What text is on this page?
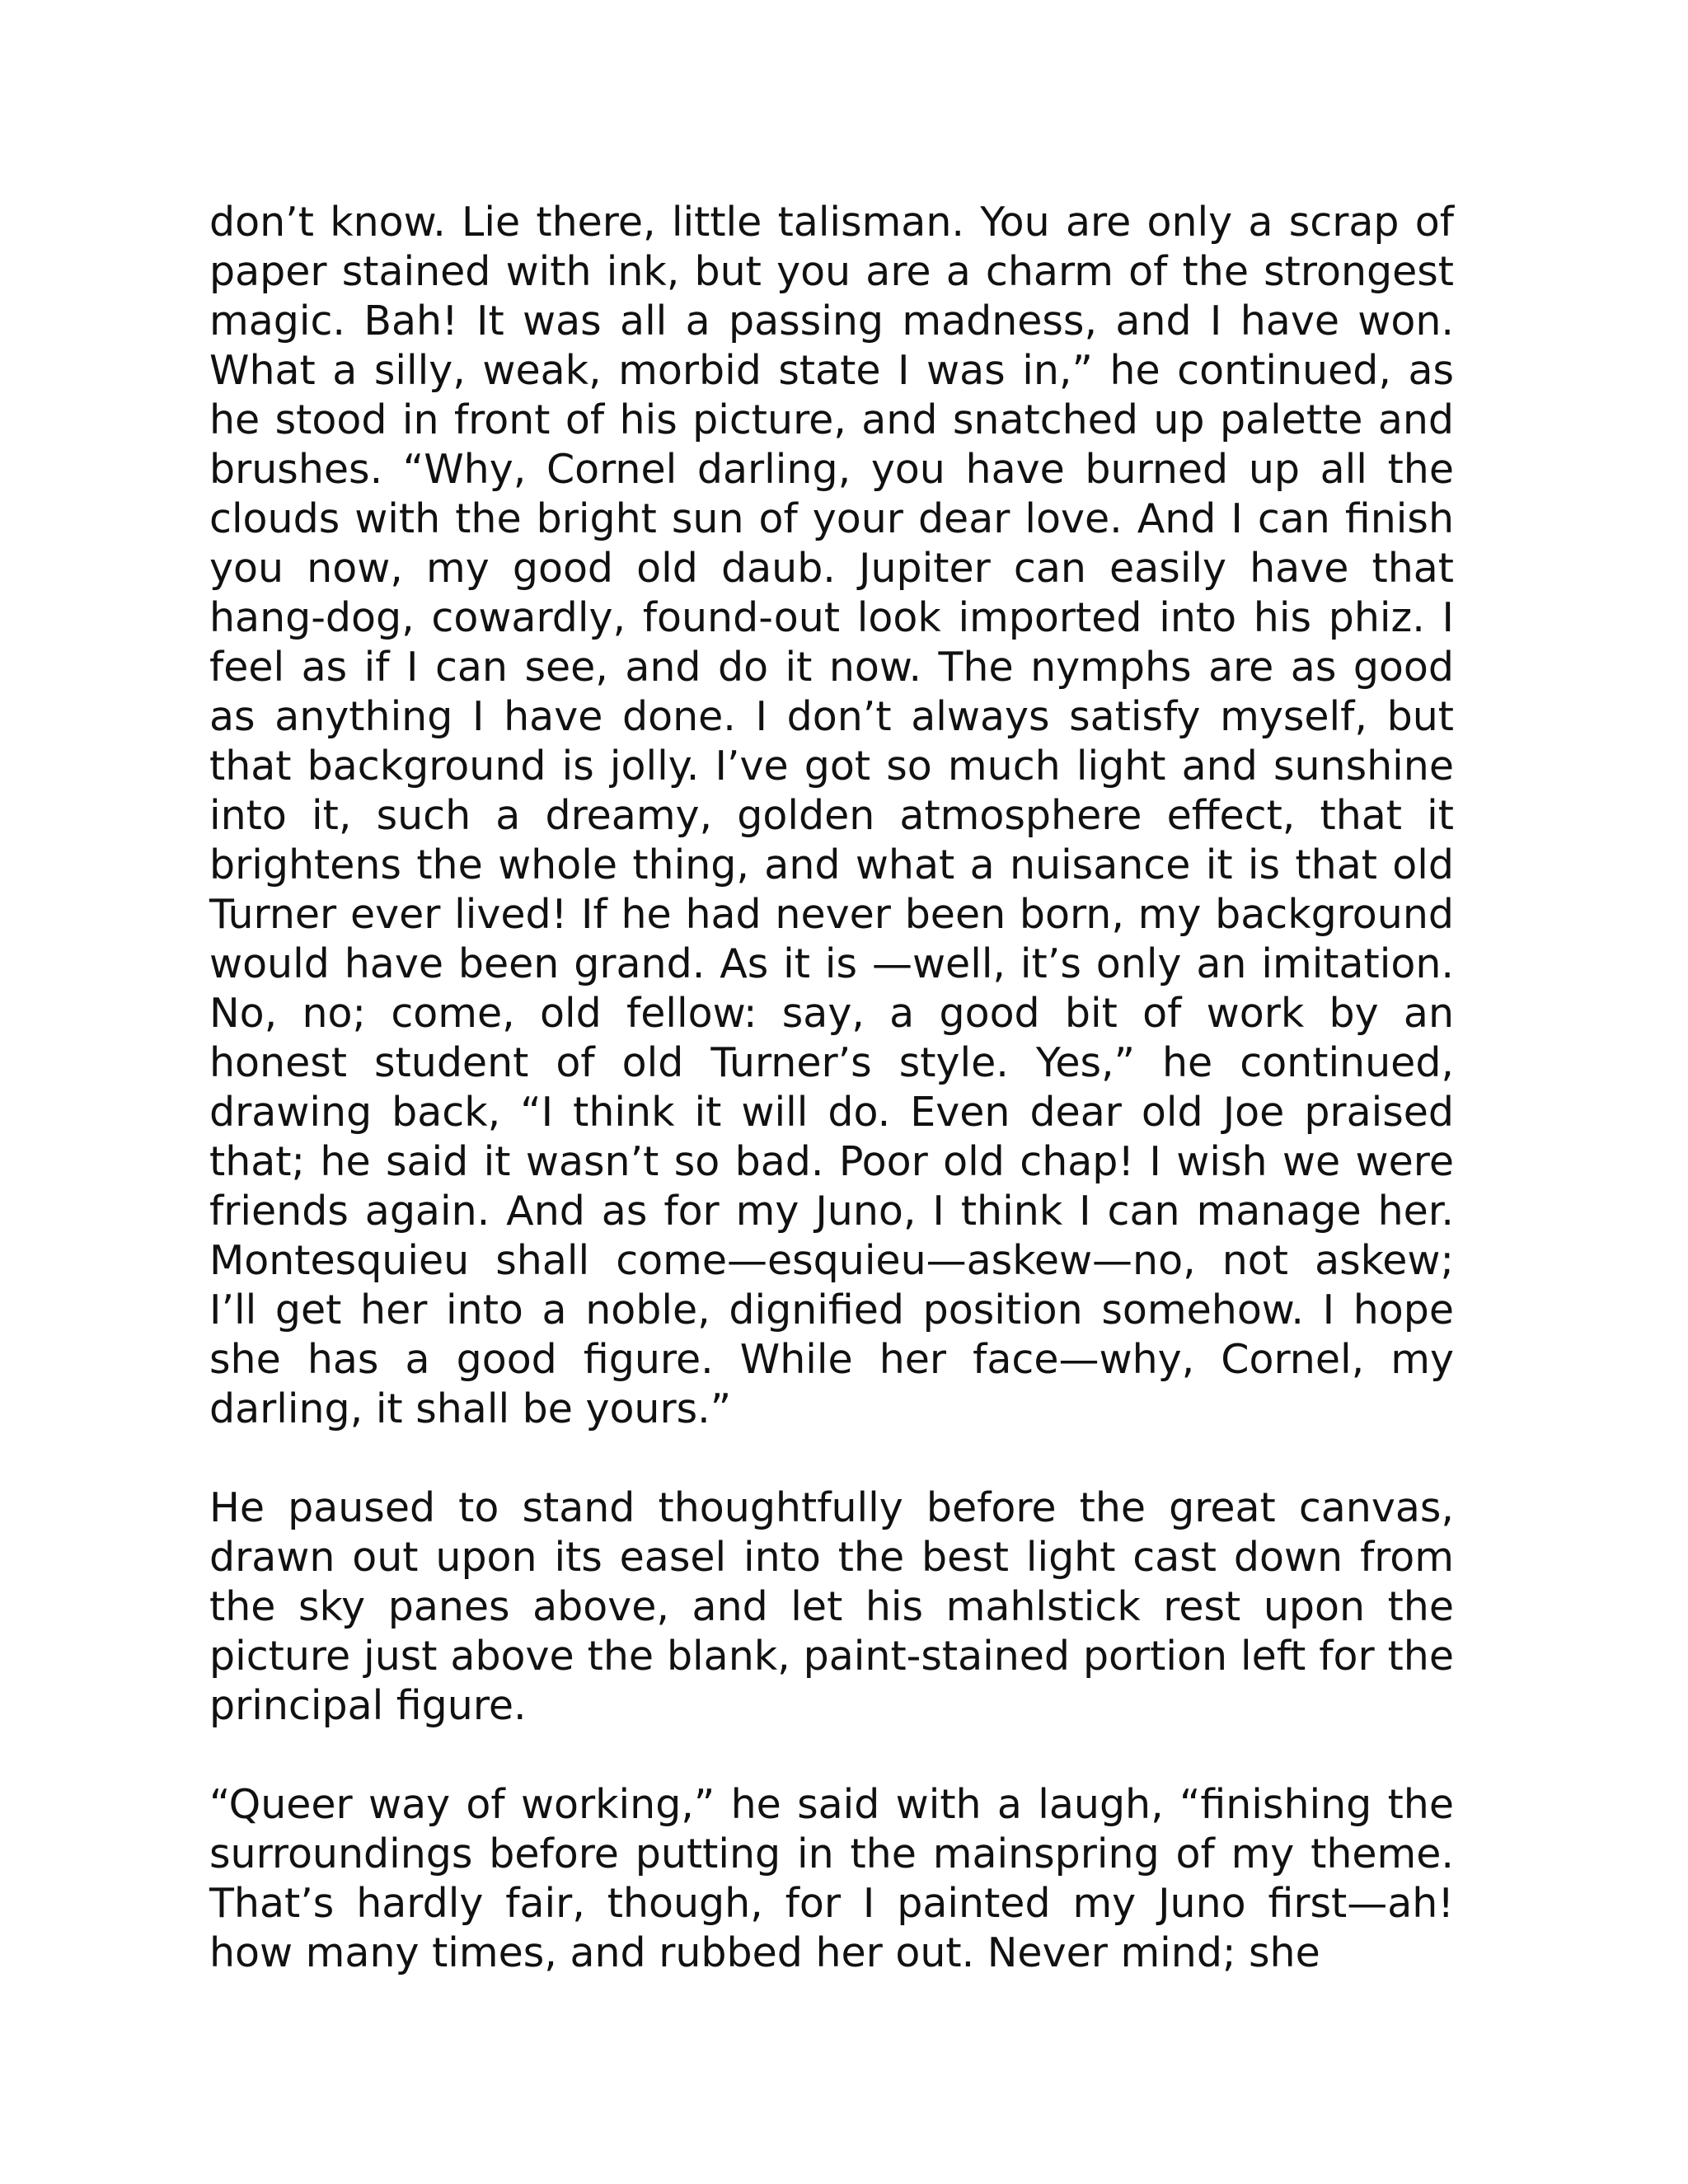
don’t know. Lie there, little talisman. You are only a scrap of paper stained with ink, but you are a charm of the strongest magic. Bah! It was all a passing madness, and I have won. What a silly, weak, morbid state I was in,” he continued, as he stood in front of his picture, and snatched up palette and brushes. “Why, Cornel darling, you have burned up all the clouds with the bright sun of your dear love. And I can finish you now, my good old daub. Jupiter can easily have that hang-dog, cowardly, found-out look imported into his phiz. I feel as if I can see, and do it now. The nymphs are as good as anything I have done. I don’t always satisfy myself, but that background is jolly. I’ve got so much light and sunshine into it, such a dreamy, golden atmosphere effect, that it brightens the whole thing, and what a nuisance it is that old Turner ever lived! If he had never been born, my background would have been grand. As it is —well, it’s only an imitation. No, no; come, old fellow: say, a good bit of work by an honest student of old Turner’s style. Yes,” he continued, drawing back, “I think it will do. Even dear old Joe praised that; he said it wasn’t so bad. Poor old chap! I wish we were friends again. And as for my Juno, I think I can manage her. Montesquieu shall come—esquieu—askew—no, not askew; I’ll get her into a noble, dignified position somehow. I hope she has a good figure. While her face—why, Cornel, my darling, it shall be yours.”

He paused to stand thoughtfully before the great canvas, drawn out upon its easel into the best light cast down from the sky panes above, and let his mahlstick rest upon the picture just above the blank, paint-stained portion left for the principal figure.

“Queer way of working,” he said with a laugh, “finishing the surroundings before putting in the mainspring of my theme. That’s hardly fair, though, for I painted my Juno first—ah! how many times, and rubbed her out. Never mind; she
